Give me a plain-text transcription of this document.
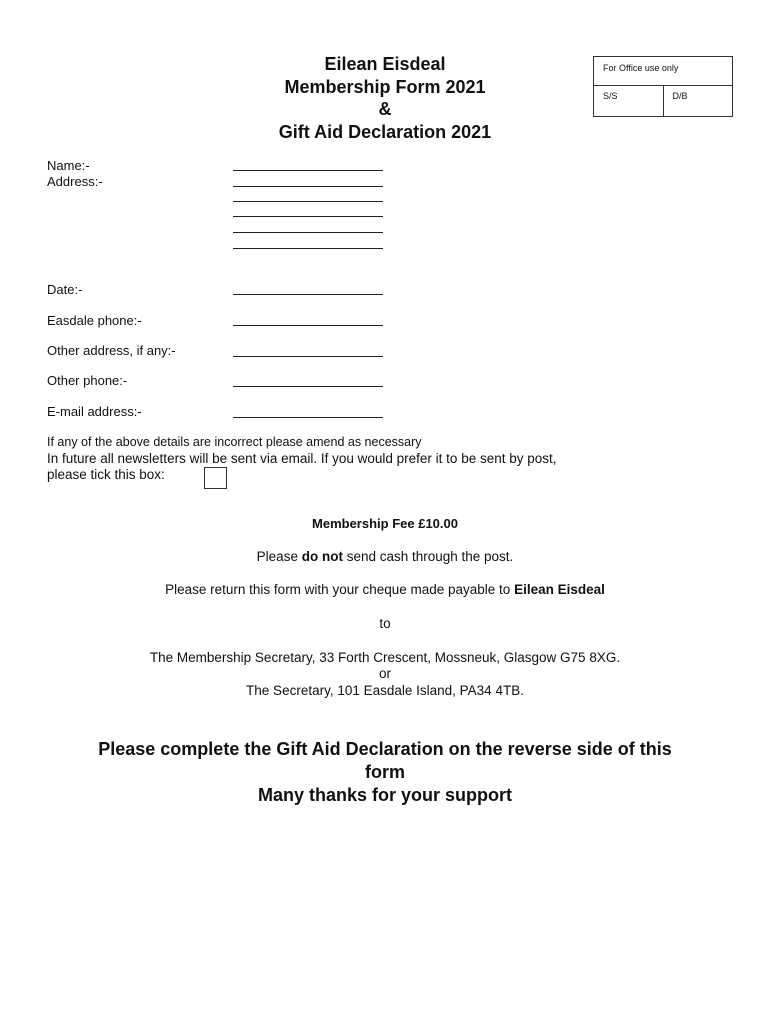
Eilean Eisdeal
Membership Form 2021
&
Gift Aid Declaration 2021
For Office use only
S/S	D/B
Name:-
Address:-
Date:-
Easdale phone:-
Other address, if any:-
Other phone:-
E-mail address:-
If any of the above details are incorrect please amend as necessary
In future all newsletters will be sent via email. If you would prefer it to be sent by post,
please tick this box:
Membership Fee £10.00
Please do not send cash through the post.
Please return this form with your cheque made payable to Eilean Eisdeal
to
The Membership Secretary, 33 Forth Crescent, Mossneuk, Glasgow G75 8XG.
or
The Secretary, 101 Easdale Island, PA34 4TB.
Please complete the Gift Aid Declaration on the reverse side of this
form
Many thanks for your support
